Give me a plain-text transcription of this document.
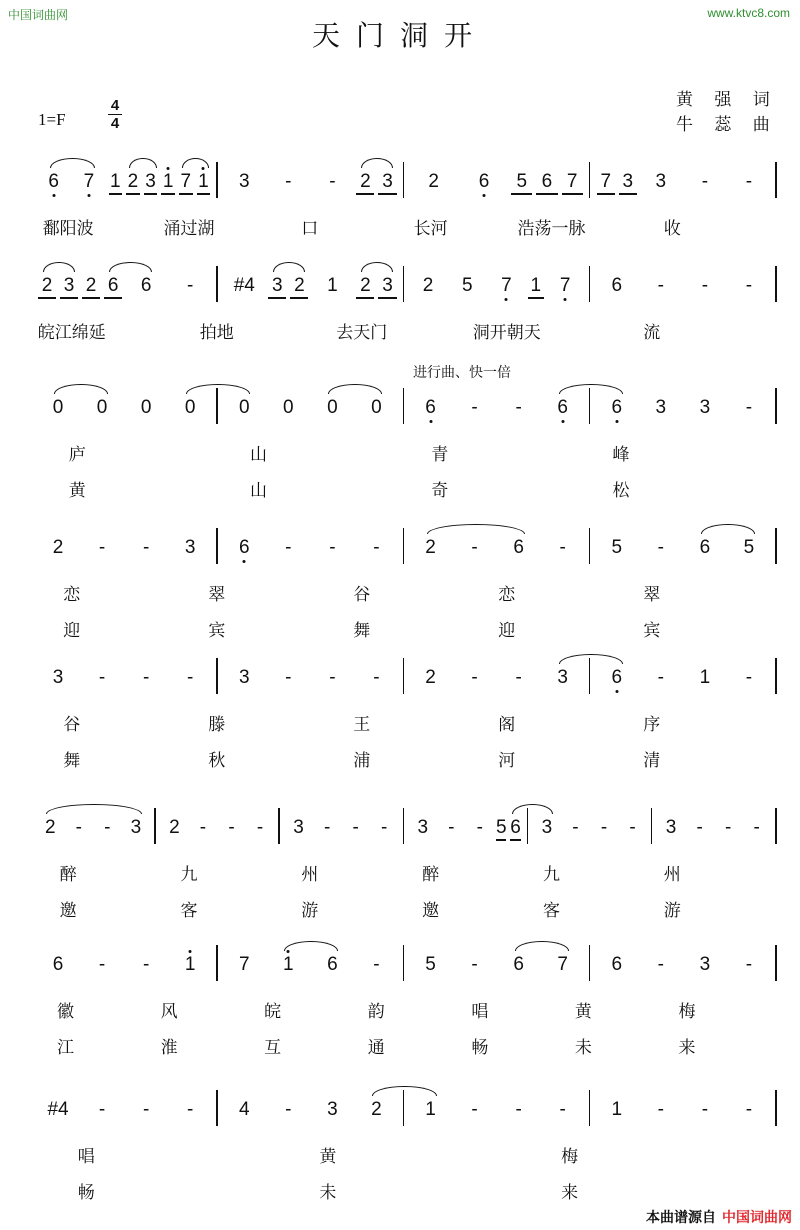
中国词曲网	www.ktvc8.com
天门洞开
1=F
4
4
黄 强 词
牛 蕊 曲
进行曲、快一倍
本曲谱源自 中国词曲网
6 7 1 2 3 1 7 1 3 - - 2 3 2 6 5 6 7 7 3 3 - -
鄱阳波	涌过湖	口	长河	浩荡一脉	收
2 3 2 6 6 - #4 3 2 1 2 3 2 5 7 1 7 6 - - -
皖江绵延	拍地	去天门	洞开朝天	流
0 0 0 0 0 0 0 0 6 - - 6 6 3 3 -
庐	山	青	峰
黄	山	奇	松
2 - - 3 6 - - - 2 - 6 - 5 - 6 5
恋	翠	谷	恋	翠
迎	宾	舞	迎	宾
3 - - - 3 - - - 2 - - 3 6 - 1 -
谷	滕	王	阁	序
舞	秋	浦	河	清
2 - - 3 2 - - - 3 - - - 3 - - 5 6 3 - - - 3 - - -
醉	九	州	醉	九	州
邀	客	游	邀	客	游
6 - - 1 7 1 6 - 5 - 6 7 6 - 3 -
徽	风	皖	韵	唱	黄	梅
江	淮	互	通	畅	未	来
#4 - - - 4 - 3 2 1 - - - 1 - - -
唱	黄	梅
畅	未	来
